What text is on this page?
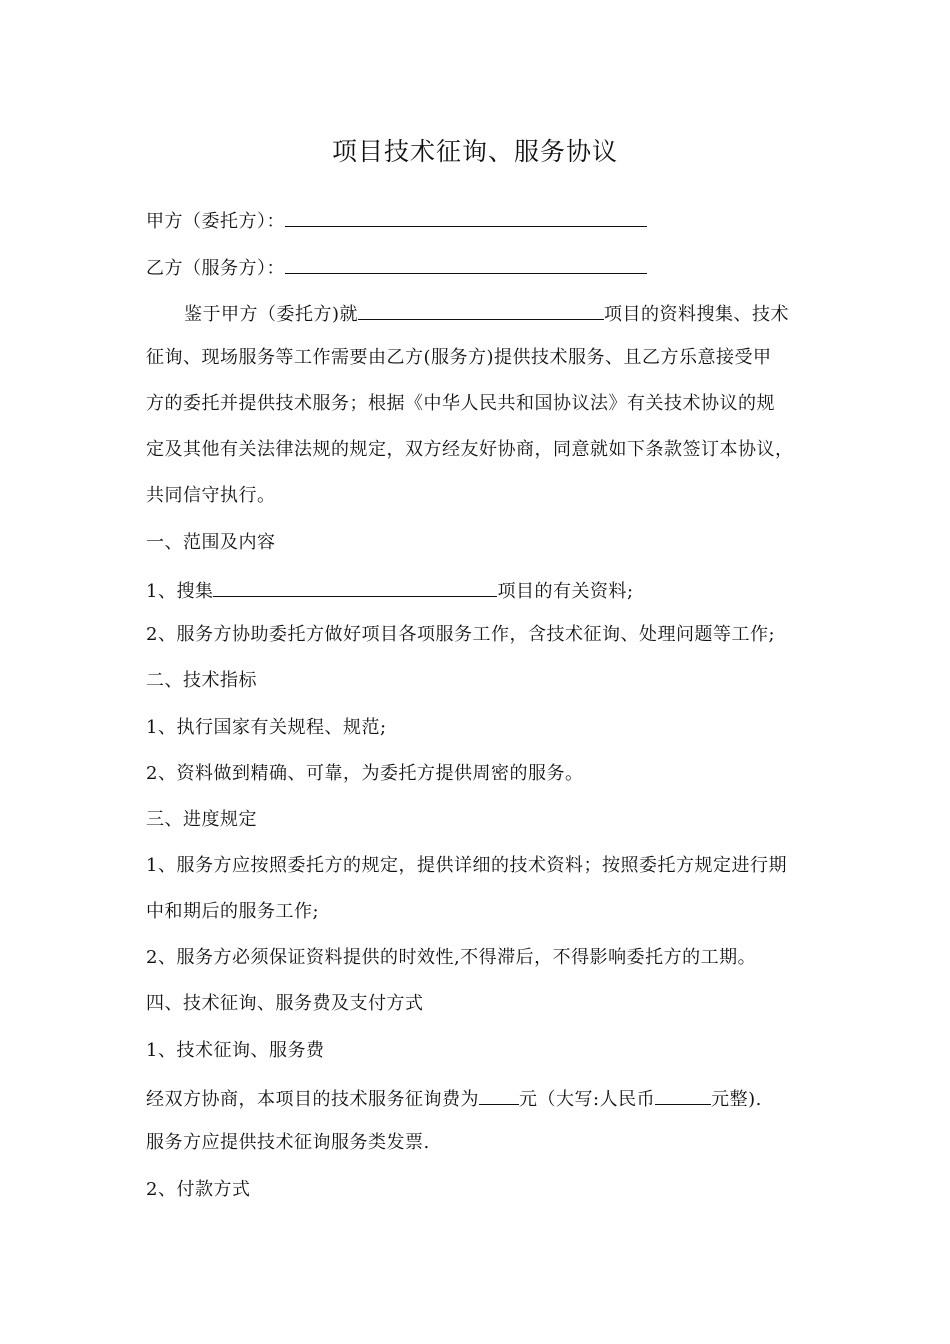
项目技术征询、服务协议
甲方（委托方）：
乙方（服务方）：
鉴于甲方（委托方)就	项目的资料搜集、技术
征询、现场服务等工作需要由乙方(服务方)提供技术服务、且乙方乐意接受甲
方的委托并提供技术服务；根据《中华人民共和国协议法》有关技术协议的规
定及其他有关法律法规的规定，双方经友好协商，同意就如下条款签订本协议，
共同信守执行。
一、范围及内容
1、搜集	项目的有关资料;
2、服务方协助委托方做好项目各项服务工作，含技术征询、处理问题等工作;
二、技术指标
1、执行国家有关规程、规范;
2、资料做到精确、可靠，为委托方提供周密的服务。
三、进度规定
1、服务方应按照委托方的规定，提供详细的技术资料；按照委托方规定进行期
中和期后的服务工作;
2、服务方必须保证资料提供的时效性,不得滞后，不得影响委托方的工期。
四、技术征询、服务费及支付方式
1、技术征询、服务费
经双方协商，本项目的技术服务征询费为 元（大写:人民币	元整).
服务方应提供技术征询服务类发票.
2、付款方式
